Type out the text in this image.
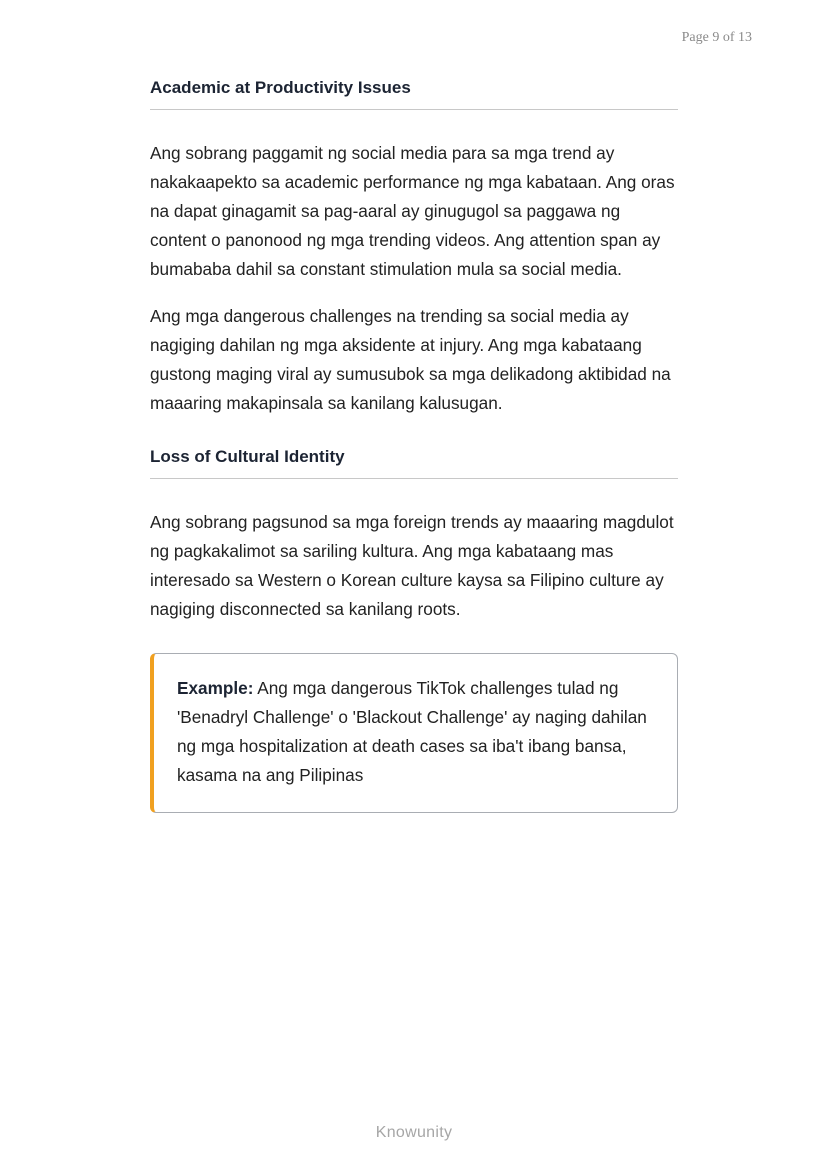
Page 9 of 13
Academic at Productivity Issues

Ang sobrang paggamit ng social media para sa mga trend ay nakakaapekto sa academic performance ng mga kabataan. Ang oras na dapat ginagamit sa pag-aaral ay ginugugol sa paggawa ng content o panonood ng mga trending videos. Ang attention span ay bumababa dahil sa constant stimulation mula sa social media.

Ang mga dangerous challenges na trending sa social media ay nagiging dahilan ng mga aksidente at injury. Ang mga kabataang gustong maging viral ay sumusubok sa mga delikadong aktibidad na maaaring makapinsala sa kanilang kalusugan.

Loss of Cultural Identity

Ang sobrang pagsunod sa mga foreign trends ay maaaring magdulot ng pagkakalimot sa sariling kultura. Ang mga kabataang mas interesado sa Western o Korean culture kaysa sa Filipino culture ay nagiging disconnected sa kanilang roots.

Example: Ang mga dangerous TikTok challenges tulad ng 'Benadryl Challenge' o 'Blackout Challenge' ay naging dahilan ng mga hospitalization at death cases sa iba't ibang bansa, kasama na ang Pilipinas

Knowunity
